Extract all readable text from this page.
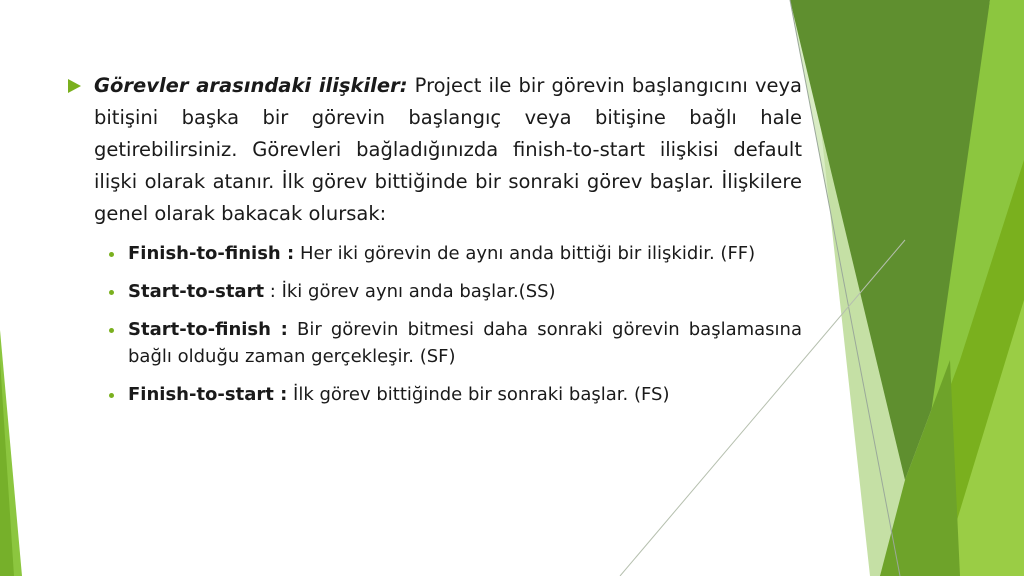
Görevler arasındaki ilişkiler: Project ile bir görevin başlangıcını veya bitişini başka bir görevin başlangıç veya bitişine bağlı hale getirebilirsiniz. Görevleri bağladığınızda finish-to-start ilişkisi default ilişki olarak atanır. İlk görev bittiğinde bir sonraki görev başlar. İlişkilere genel olarak bakacak olursak:
Finish-to-finish : Her iki görevin de aynı anda bittiği bir ilişkidir. (FF)
Start-to-start : İki görev aynı anda başlar.(SS)
Start-to-finish : Bir görevin bitmesi daha sonraki görevin başlamasına bağlı olduğu zaman gerçekleşir. (SF)
Finish-to-start : İlk görev bittiğinde bir sonraki başlar. (FS)
